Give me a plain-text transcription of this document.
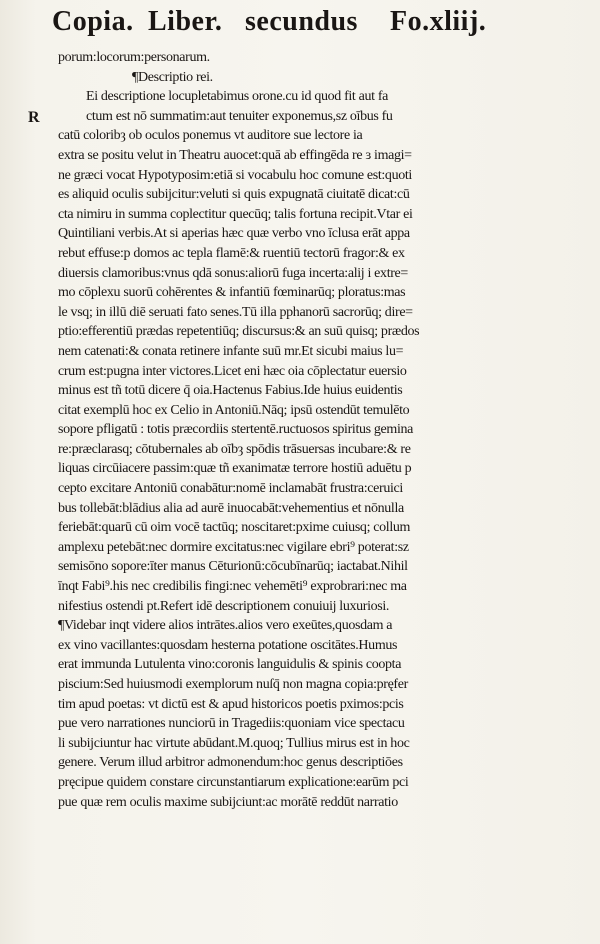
Copia. Liber. secundus Fo.xliij.
R
porum:locorum:personarum.
¶Descriptio rei.
Ei descriptione locupletabimus orone.cu id quod fit aut fa
ctum est nō summatim:aut tenuiter exponemus,sz oībus fu
catū coloribȝ ob oculos ponemus vt auditore sue lectore ia
extra se positu velut in Theatru auocet:quā ab effingēda re ɜ imagi=
ne græci vocat Hypotyposim:etiā si vocabulu hoc comune est:quoti
es aliquid oculis subijcitur:veluti si quis expugnatā ciuitatē dicat:cū
cta nimiru in summa coplectitur quecūq; talis fortuna recipit.Vtar ei
Quintiliani verbis.At si aperias hæc quæ verbo vno īclusa erāt appa
rebut effuse:p domos ac tepla flamē:& ruentiū tectorū fragor:& ex
diuersis clamoribus:vnus qdā sonus:aliorū fuga incerta:alij i extre=
mo cōplexu suorū cohērentes & infantiū fœminarūq; ploratus:mas
le vsq; in illū diē seruati fato senes.Tū illa pphanorū sacrorūq; dire=
ptio:efferentiū prædas repetentiūq; discursus:& an suū quisq; prædos
nem catenati:& conata retinere infante suū mr.Et sicubi maius lu=
crum est:pugna inter victores.Licet eni hæc oia cōplectatur euersio
minus est tñ totū dicere q̄ oia.Hactenus Fabius.Ide huius euidentis
citat exemplū hoc ex Celio in Antoniū.Nāq; ipsū ostendūt temulēto
sopore pfligatū : totis præcordiis stertentē.ructuosos spiritus gemina
re:præclarasq; cōtubernales ab oībȝ spōdis trāsuersas incubare:& re
liquas circūiacere passim:quæ tñ exanimatæ terrore hostiū aduētu p
cepto excitare Antoniū conabātur:nomē inclamabāt frustra:ceruici
bus tollebāt:blādius alia ad aurē inuocabāt:vehementius et nōnulla
feriebāt:quarū cū oim vocē tactūq; noscitaret:pxime cuiusq; collum
amplexu petebāt:nec dormire excitatus:nec vigilare ebri⁹ poterat:sz
semisōno sopore:īter manus Cēturionū:cōcubīnarūq; iactabat.Nihil
īnqt Fabi⁹.his nec credibilis fingi:nec vehemēti⁹ exprobrari:nec ma
nifestius ostendi pt.Refert idē descriptionem conuiuij luxuriosi.
¶Videbar inqt videre alios intrātes.alios vero exeūtes,quosdam a
ex vino vacillantes:quosdam hesterna potatione oscitātes.Humus
erat immunda Lutulenta vino:coronis languidulis & spinis coopta
piscium:Sed huiusmodi exemplorum nuſq̄ non magna copia:pręfer
tim apud poetas: vt dictū est & apud historicos poetis pximos:pcis
pue vero narrationes nunciorū in Tragediis:quoniam vice spectacu
li subijciuntur hac virtute abūdant.M.quoq; Tullius mirus est in hoc
genere. Verum illud arbitror admonendum:hoc genus descriptiōes
pręcipue quidem constare circunstantiarum explicatione:earūm pci
pue quæ rem oculis maxime subijciunt:ac morātē reddūt narratio
